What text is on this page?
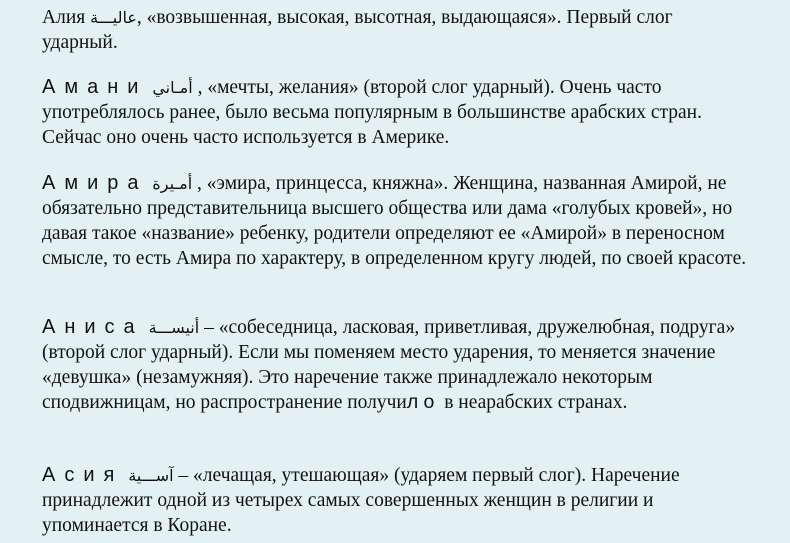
Алия عاليـــة, «возвышенная, высокая, высотная, выдающаяся». Первый слог ударный.

Амани أمـاني , «мечты, желания» (второй слог ударный). Очень часто употреблялось ранее, было весьма популярным в большинстве арабских стран. Сейчас оно очень часто используется в Америке.

Амира أمـيرة , «эмира, принцесса, княжна». Женщина, названная Амирой, не обязательно представительница высшего общества или дама «голубых кровей», но давая такое «название» ребенку, родители определяют ее «Амирой» в переносном смысле, то есть Амира по характеру, в определенном кругу людей, по своей красоте.

Аниса أنيســـة – «собеседница, ласковая, приветливая, дружелюбная, подруга» (второй слог ударный). Если мы поменяем место ударения, то меняется значение «девушка» (незамужняя). Это наречение также принадлежало некоторым сподвижницам, но распространение получило в неарабских странах.

Асия آســـية – «лечащая, утешающая» (ударяем первый слог). Наречение принадлежит одной из четырех самых совершенных женщин в религии и упоминается в Коране.
